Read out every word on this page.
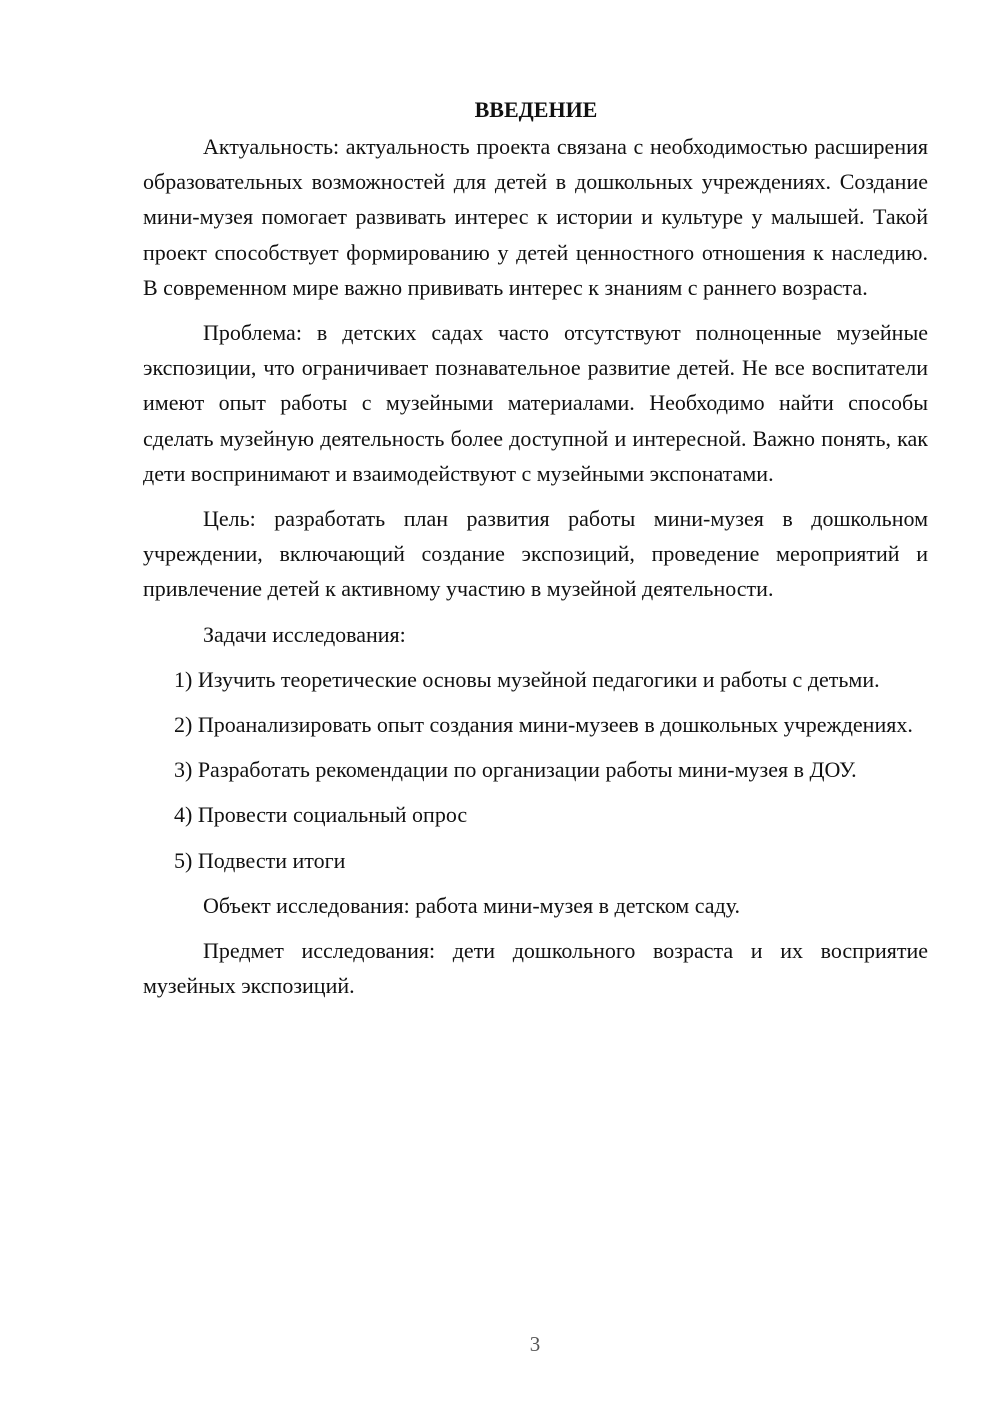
ВВЕДЕНИЕ

Актуальность: актуальность проекта связана с необходимостью расширения образовательных возможностей для детей в дошкольных учреждениях. Создание мини-музея помогает развивать интерес к истории и культуре у малышей. Такой проект способствует формированию у детей ценностного отношения к наследию. В современном мире важно прививать интерес к знаниям с раннего возраста.

Проблема: в детских садах часто отсутствуют полноценные музейные экспозиции, что ограничивает познавательное развитие детей. Не все воспитатели имеют опыт работы с музейными материалами. Необходимо найти способы сделать музейную деятельность более доступной и интересной. Важно понять, как дети воспринимают и взаимодействуют с музейными экспонатами.

Цель: разработать план развития работы мини-музея в дошкольном учреждении, включающий создание экспозиций, проведение мероприятий и привлечение детей к активному участию в музейной деятельности.

Задачи исследования:

1) Изучить теоретические основы музейной педагогики и работы с детьми.

2) Проанализировать опыт создания мини-музеев в дошкольных учреждениях.

3) Разработать рекомендации по организации работы мини-музея в ДОУ.

4) Провести социальный опрос

5) Подвести итоги

Объект исследования: работа мини-музея в детском саду.

Предмет исследования: дети дошкольного возраста и их восприятие музейных экспозиций.

3
